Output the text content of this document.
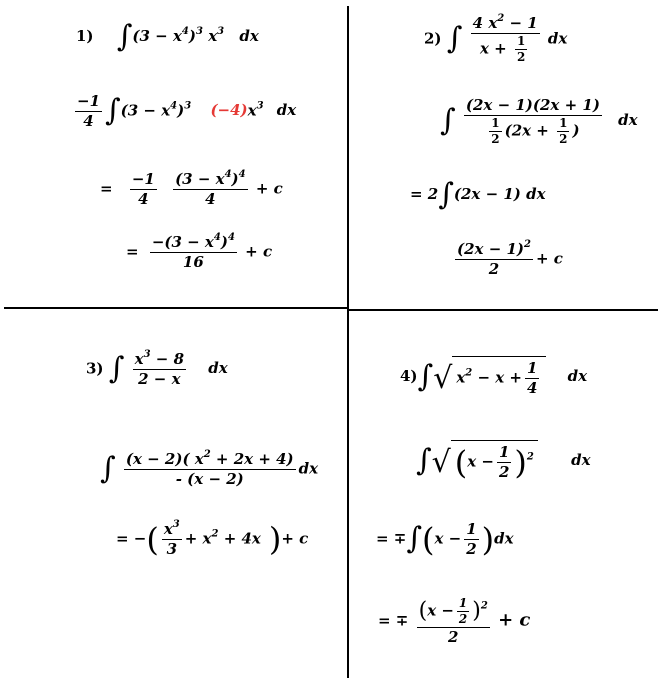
1) $\int(3 - x^4)^3$ $x^3$ dx
$\frac{-1}{4} \int(3 - x^4)^3$ $(-4)x^3$ dx
= $\frac{-1}{4}$
$\frac{(3 - x^4)^4}{4} + c$
= $\frac{-(3 - x^4)^4}{16} + c$
2) ∫ $\frac{4 x^2 - 1}{x + \frac{1}{2}}$ dx
∫ $\frac{(2x - 1)(2x + 1)}{\frac{1}{2} (2x + \frac{1}{2} )}$ dx
= 2∫(2x − 1) dx
$\frac{(2x - 1)^2}{2} + c$
3) ∫ $\frac{x^3 - 8}{2 - x}$ dx
∫ $\frac{(x - 2)( x^2 + 2x + 4)}{- (x - 2)}$ dx
= −( $\frac{x^3}{3} + x^2 + 4x$ )+ c
4)∫√ $x^2 - x + \frac{1}{4}$ dx
∫√ $(x - \frac{1}{2} )^2$ dx
= $\mp\int(x - \frac{1}{2} )dx$
= ∓ $\frac{(x - \frac{1}{2} )^2}{2} + c$
